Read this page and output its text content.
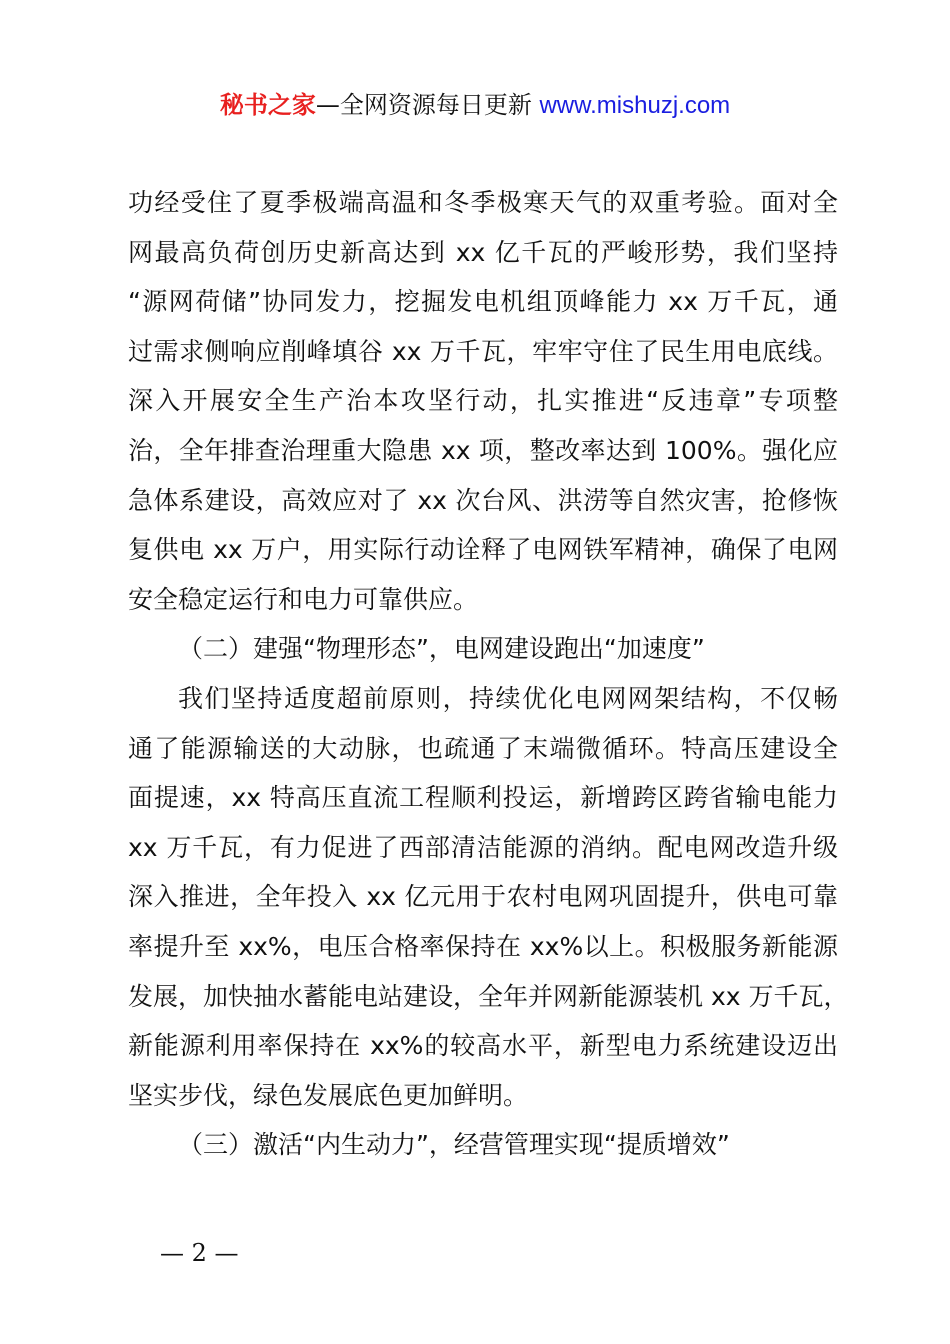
秘书之家—全网资源每日更新 www.mishuzj.com
功经受住了夏季极端高温和冬季极寒天气的双重考验。面对全
网最高负荷创历史新高达到 xx 亿千瓦的严峻形势，我们坚持
“源网荷储”协同发力，挖掘发电机组顶峰能力 xx 万千瓦，通
过需求侧响应削峰填谷 xx 万千瓦，牢牢守住了民生用电底线。
深入开展安全生产治本攻坚行动，扎实推进“反违章”专项整
治，全年排查治理重大隐患 xx 项，整改率达到 100%。强化应
急体系建设，高效应对了 xx 次台风、洪涝等自然灾害，抢修恢
复供电 xx 万户，用实际行动诠释了电网铁军精神，确保了电网
安全稳定运行和电力可靠供应。
（二）建强“物理形态”，电网建设跑出“加速度”
我们坚持适度超前原则，持续优化电网网架结构，不仅畅
通了能源输送的大动脉，也疏通了末端微循环。特高压建设全
面提速，xx 特高压直流工程顺利投运，新增跨区跨省输电能力
xx 万千瓦，有力促进了西部清洁能源的消纳。配电网改造升级
深入推进，全年投入 xx 亿元用于农村电网巩固提升，供电可靠
率提升至 xx%，电压合格率保持在 xx%以上。积极服务新能源
发展，加快抽水蓄能电站建设，全年并网新能源装机 xx 万千瓦，
新能源利用率保持在 xx%的较高水平，新型电力系统建设迈出
坚实步伐，绿色发展底色更加鲜明。
（三）激活“内生动力”，经营管理实现“提质增效”
— 2 —
